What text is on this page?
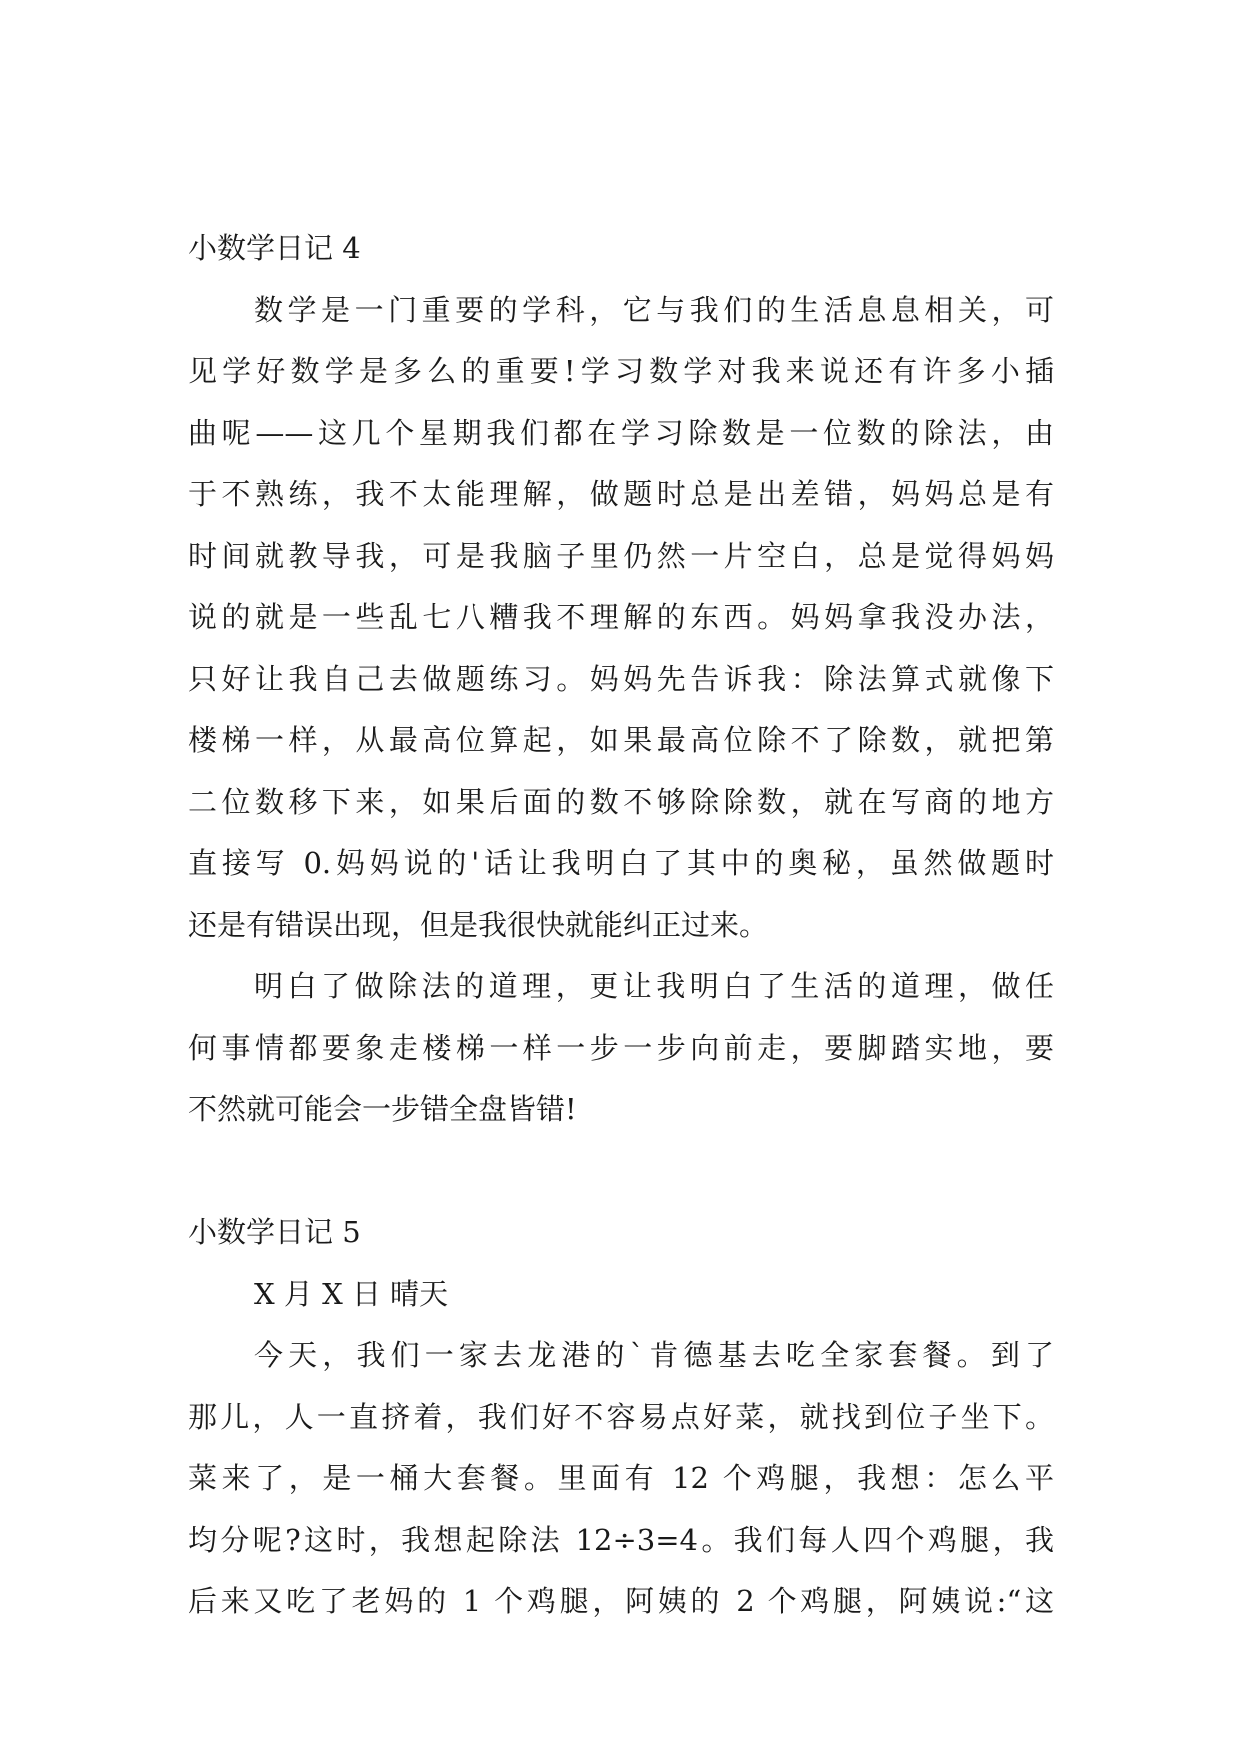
小数学日记 4
数学是一门重要的学科，它与我们的生活息息相关，可
见学好数学是多么的重要!学习数学对我来说还有许多小插
曲呢——这几个星期我们都在学习除数是一位数的除法，由
于不熟练，我不太能理解，做题时总是出差错，妈妈总是有
时间就教导我，可是我脑子里仍然一片空白，总是觉得妈妈
说的就是一些乱七八糟我不理解的东西。妈妈拿我没办法，
只好让我自己去做题练习。妈妈先告诉我：除法算式就像下
楼梯一样，从最高位算起，如果最高位除不了除数，就把第
二位数移下来，如果后面的数不够除除数，就在写商的地方
直接写 0.妈妈说的'话让我明白了其中的奥秘，虽然做题时
还是有错误出现，但是我很快就能纠正过来。
明白了做除法的道理，更让我明白了生活的道理，做任
何事情都要象走楼梯一样一步一步向前走，要脚踏实地，要
不然就可能会一步错全盘皆错!
小数学日记 5
X 月 X 日 晴天
今天，我们一家去龙港的`肯德基去吃全家套餐。到了
那儿，人一直挤着，我们好不容易点好菜，就找到位子坐下。
菜来了，是一桶大套餐。里面有 12 个鸡腿，我想：怎么平
均分呢?这时，我想起除法 12÷3=4。我们每人四个鸡腿，我
后来又吃了老妈的 1 个鸡腿，阿姨的 2 个鸡腿，阿姨说:“这
